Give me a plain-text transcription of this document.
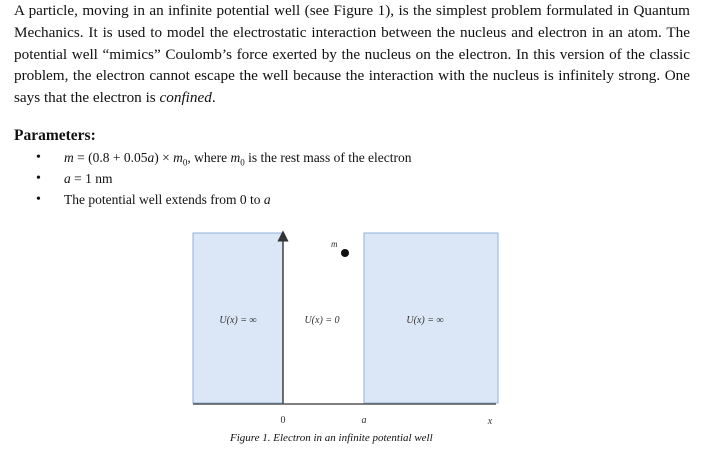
A particle, moving in an infinite potential well (see Figure 1), is the simplest problem formulated in Quantum Mechanics. It is used to model the electrostatic interaction between the nucleus and electron in an atom. The potential well “mimics” Coulomb’s force exerted by the nucleus on the electron. In this version of the classic problem, the electron cannot escape the well because the interaction with the nucleus is infinitely strong. One says that the electron is confined.

Parameters:

• $m = (0.8 + 0.05a) \times m_0$, where $m_0$ is the rest mass of the electron
• a = 1 nm
• The potential well extends from 0 to a
m
U(x) = ∞	U(x) = 0	U(x) = ∞
0	a	x
Figure 1. Electron in an infinite potential well
